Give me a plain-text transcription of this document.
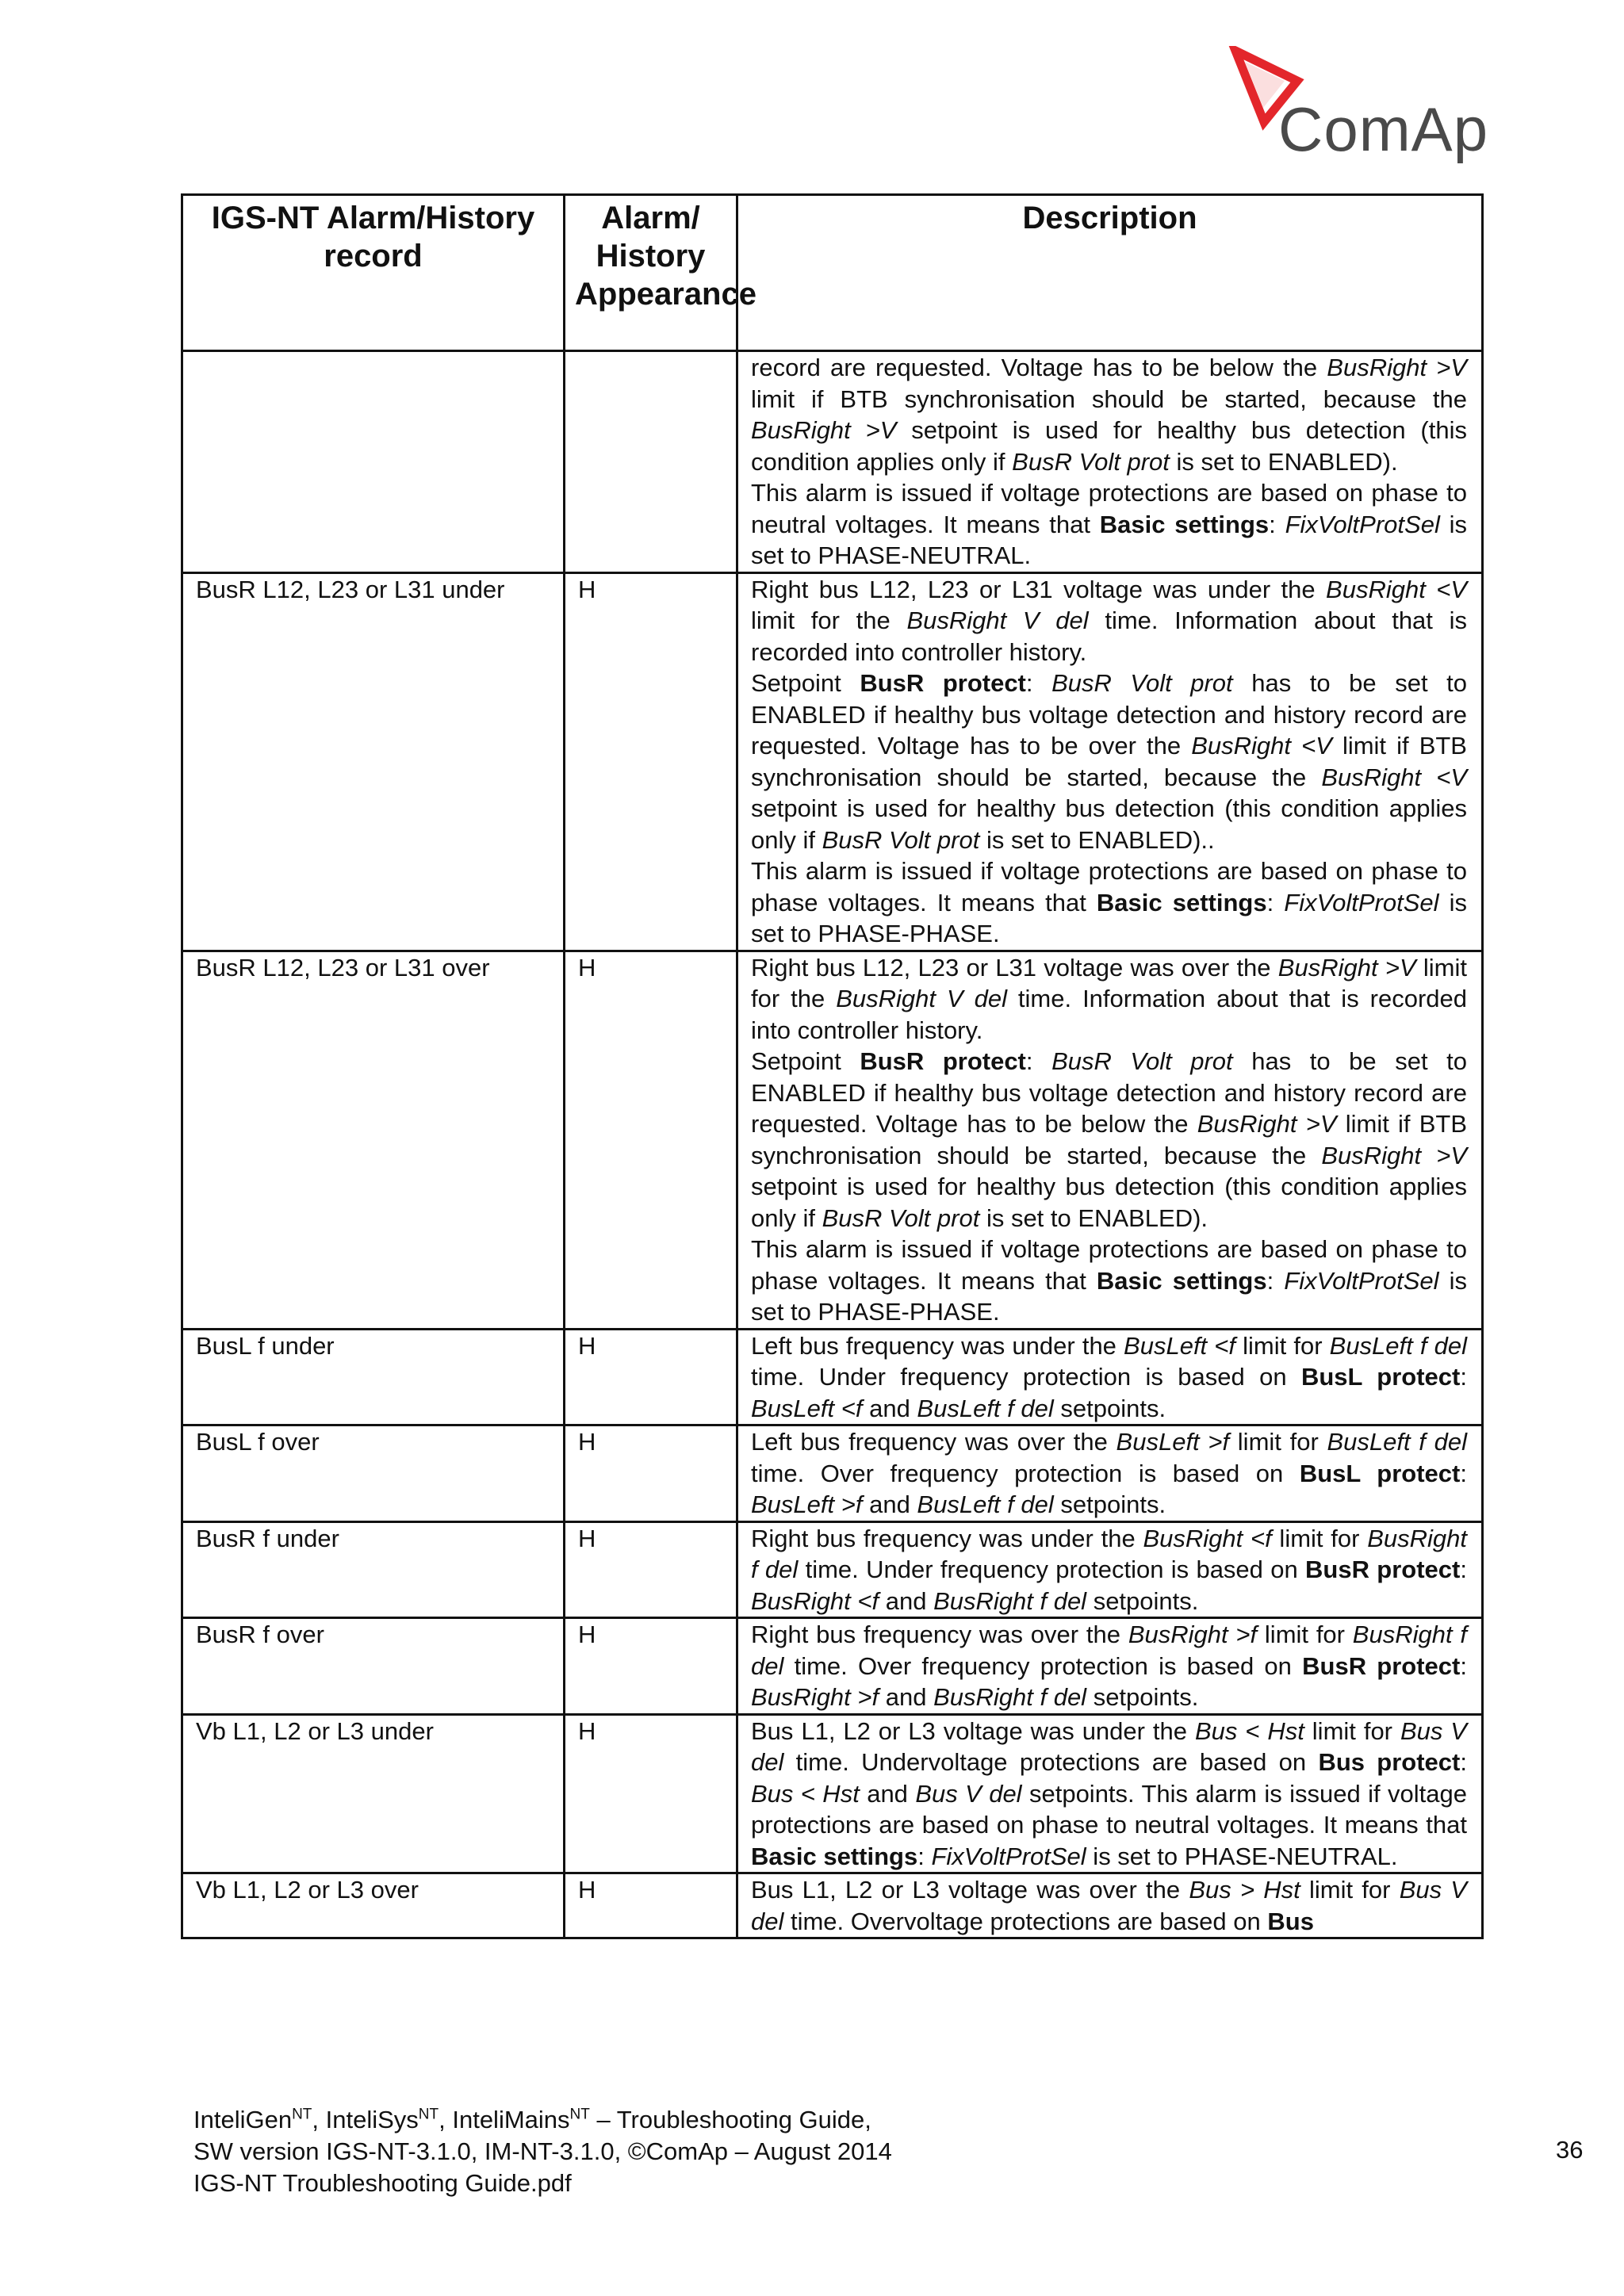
ComAp
IGS-NT Alarm/History record	Alarm/ History Appearance	Description
		record are requested. Voltage has to be below the BusRight >V limit if BTB synchronisation should be started, because the BusRight >V setpoint is used for healthy bus detection (this condition applies only if BusR Volt prot is set to ENABLED).
This alarm is issued if voltage protections are based on phase to neutral voltages. It means that Basic settings: FixVoltProtSel is set to PHASE-NEUTRAL.
BusR L12, L23 or L31 under	H	Right bus L12, L23 or L31 voltage was under the BusRight <V limit for the BusRight V del time. Information about that is recorded into controller history.
Setpoint BusR protect: BusR Volt prot has to be set to ENABLED if healthy bus voltage detection and history record are requested. Voltage has to be over the BusRight <V limit if BTB synchronisation should be started, because the BusRight <V setpoint is used for healthy bus detection (this condition applies only if BusR Volt prot is set to ENABLED)..
This alarm is issued if voltage protections are based on phase to phase voltages. It means that Basic settings: FixVoltProtSel is set to PHASE-PHASE.
BusR L12, L23 or L31 over	H	Right bus L12, L23 or L31 voltage was over the BusRight >V limit for the BusRight V del time. Information about that is recorded into controller history.
Setpoint BusR protect: BusR Volt prot has to be set to ENABLED if healthy bus voltage detection and history record are requested. Voltage has to be below the BusRight >V limit if BTB synchronisation should be started, because the BusRight >V setpoint is used for healthy bus detection (this condition applies only if BusR Volt prot is set to ENABLED).
This alarm is issued if voltage protections are based on phase to phase voltages. It means that Basic settings: FixVoltProtSel is set to PHASE-PHASE.
BusL f under	H	Left bus frequency was under the BusLeft <f limit for BusLeft f del time. Under frequency protection is based on BusL protect: BusLeft <f and BusLeft f del setpoints.
BusL f over	H	Left bus frequency was over the BusLeft >f limit for BusLeft f del time. Over frequency protection is based on BusL protect: BusLeft >f and BusLeft f del setpoints.
BusR f under	H	Right bus frequency was under the BusRight <f limit for BusRight f del time. Under frequency protection is based on BusR protect: BusRight <f and BusRight f del setpoints.
BusR f over	H	Right bus frequency was over the BusRight >f limit for BusRight f del time. Over frequency protection is based on BusR protect: BusRight >f and BusRight f del setpoints.
Vb L1, L2 or L3 under	H	Bus L1, L2 or L3 voltage was under the Bus < Hst limit for Bus V del time. Undervoltage protections are based on Bus protect: Bus < Hst and Bus V del setpoints. This alarm is issued if voltage protections are based on phase to neutral voltages. It means that Basic settings: FixVoltProtSel is set to PHASE-NEUTRAL.
Vb L1, L2 or L3 over	H	Bus L1, L2 or L3 voltage was over the Bus > Hst limit for Bus V del time. Overvoltage protections are based on Bus
InteliGen$^{NT}$, InteliSys$^{NT}$, InteliMains$^{NT}$ – Troubleshooting Guide,
SW version IGS-NT-3.1.0, IM-NT-3.1.0, ©ComAp – August 2014
IGS-NT Troubleshooting Guide.pdf
36
